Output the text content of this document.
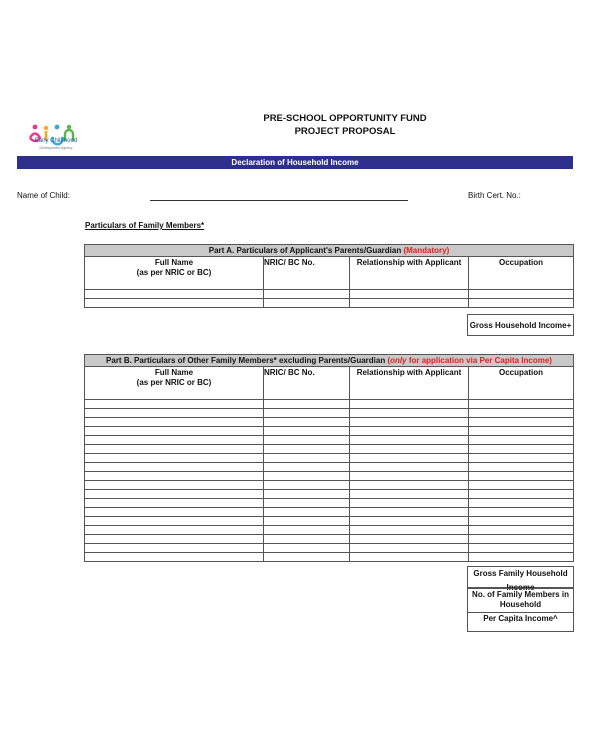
Early Childhood
Development Agency
PRE-SCHOOL OPPORTUNITY FUND
PROJECT PROPOSAL
Declaration of Household Income
Name of Child:	Birth Cert. No.:
Particulars of Family Members*
Part A. Particulars of Applicant's Parents/Guardian (Mandatory)			

Full Name
(as per NRIC or BC)	NRIC/ BC No.	Relationship with Applicant	Occupation

Gross Household Income+
Part B. Particulars of Other Family Members* excluding Parents/Guardian (only for application via Per Capita Income)			

Full Name
(as per NRIC or BC)	NRIC/ BC No.	Relationship with Applicant	Occupation

Gross Family Household Income
No. of Family Members in
Household
Per Capita Income^
